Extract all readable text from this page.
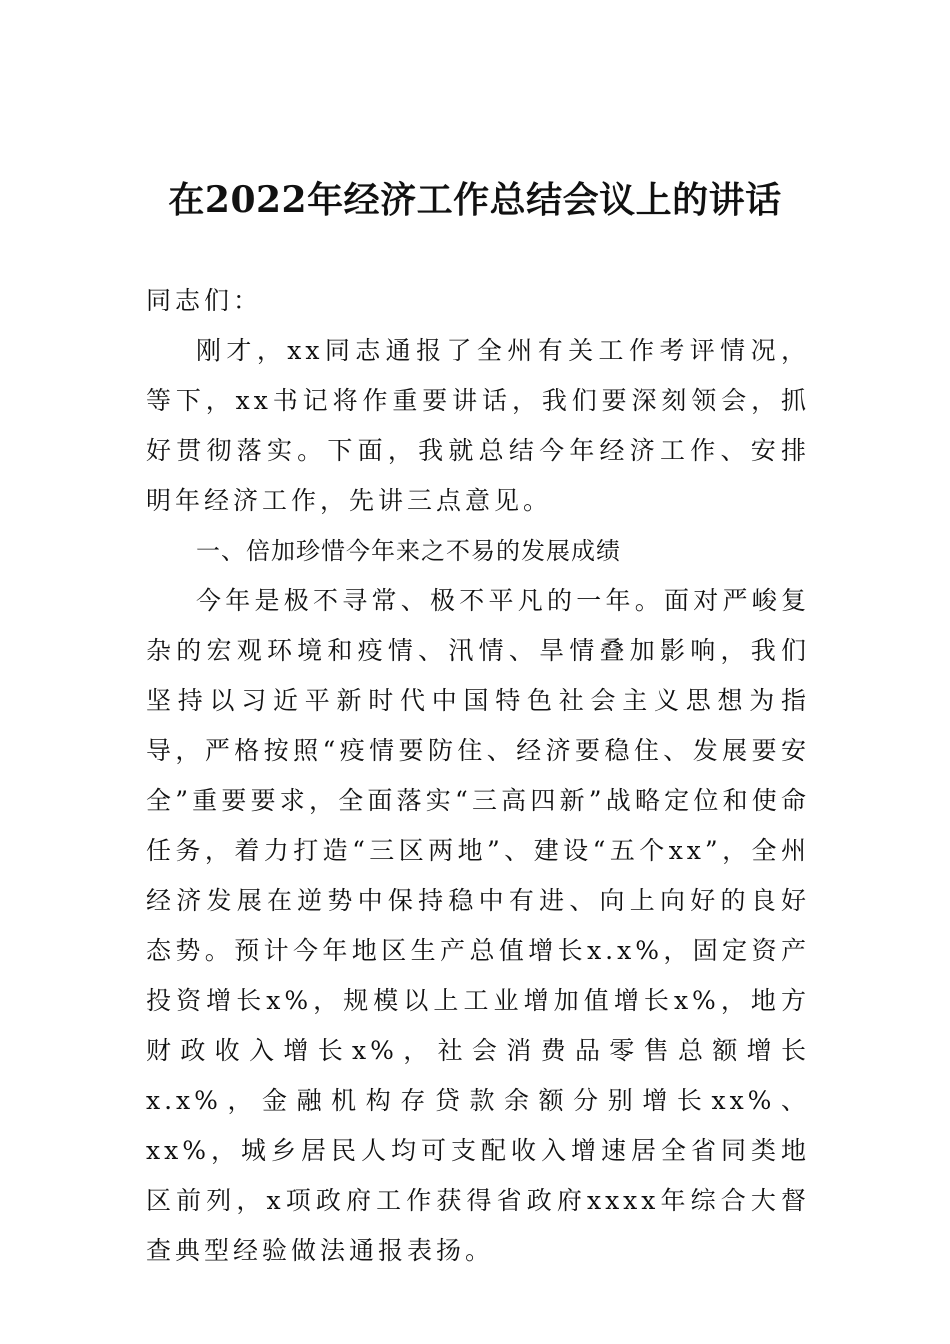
在2022年经济工作总结会议上的讲话
同志们：
刚才，xx同志通报了全州有关工作考评情况，等下，xx书记将作重要讲话，我们要深刻领会，抓好贯彻落实。下面，我就总结今年经济工作、安排明年经济工作，先讲三点意见。
一、倍加珍惜今年来之不易的发展成绩
今年是极不寻常、极不平凡的一年。面对严峻复杂的宏观环境和疫情、汛情、旱情叠加影响，我们坚持以习近平新时代中国特色社会主义思想为指导，严格按照“疫情要防住、经济要稳住、发展要安全”重要要求，全面落实“三高四新”战略定位和使命任务，着力打造“三区两地”、建设“五个xx”，全州经济发展在逆势中保持稳中有进、向上向好的良好态势。预计今年地区生产总值增长x.x%，固定资产投资增长x%，规模以上工业增加值增长x%，地方财政收入增长x%，社会消费品零售总额增长x.x%，金融机构存贷款余额分别增长xx%、xx%，城乡居民人均可支配收入增速居全省同类地区前列，x项政府工作获得省政府xxxx年综合大督查典型经验做法通报表扬。
